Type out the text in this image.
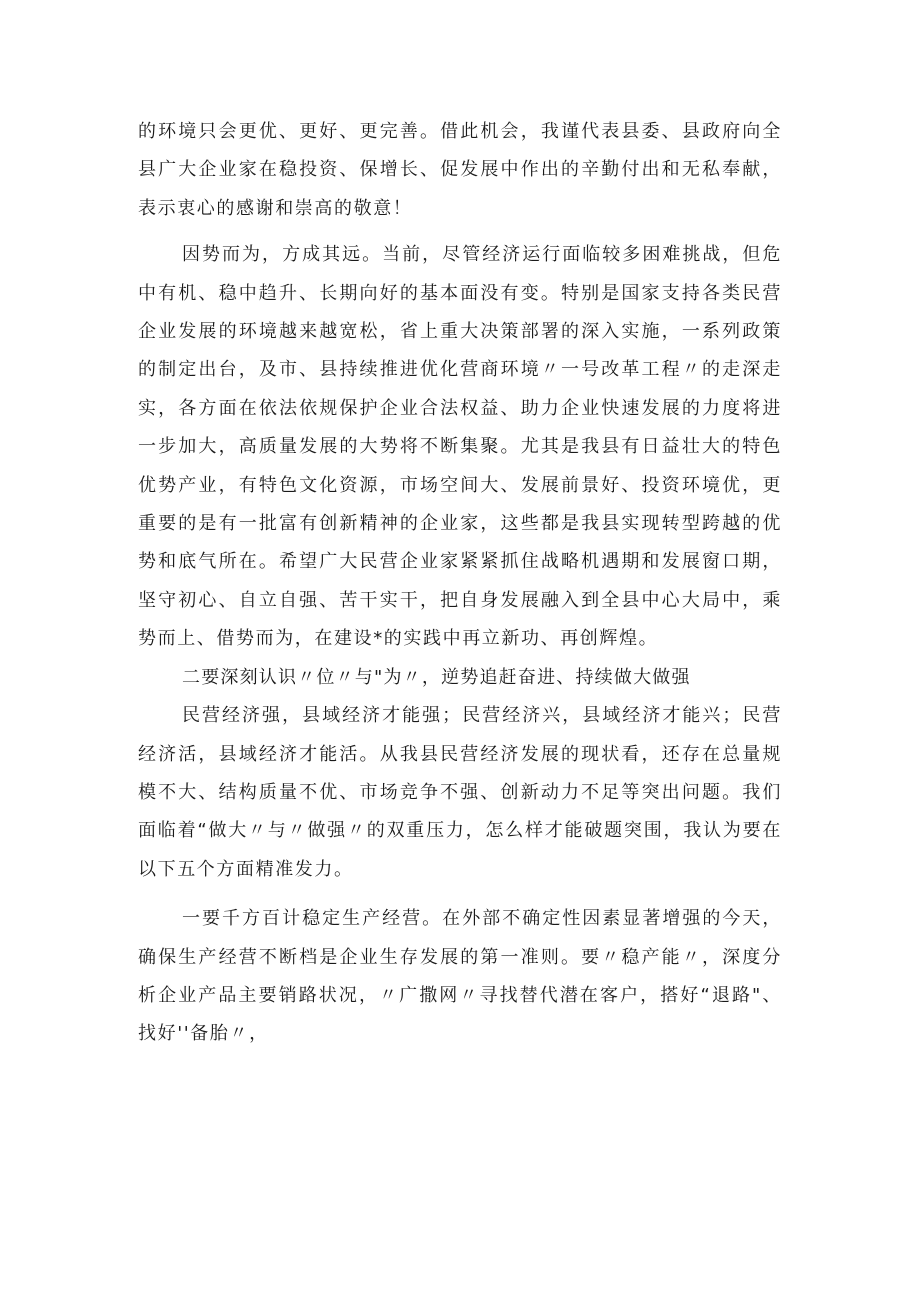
的环境只会更优、更好、更完善。借此机会，我谨代表县委、县政府向全县广大企业家在稳投资、保增长、促发展中作出的辛勤付出和无私奉献，表示衷心的感谢和崇高的敬意！

因势而为，方成其远。当前，尽管经济运行面临较多困难挑战，但危中有机、稳中趋升、长期向好的基本面没有变。特别是国家支持各类民营企业发展的环境越来越宽松，省上重大决策部署的深入实施，一系列政策的制定出台，及市、县持续推进优化营商环境〃一号改革工程〃的走深走实，各方面在依法依规保护企业合法权益、助力企业快速发展的力度将进一步加大，高质量发展的大势将不断集聚。尤其是我县有日益壮大的特色优势产业，有特色文化资源，市场空间大、发展前景好、投资环境优，更重要的是有一批富有创新精神的企业家，这些都是我县实现转型跨越的优势和底气所在。希望广大民营企业家紧紧抓住战略机遇期和发展窗口期，坚守初心、自立自强、苦干实干，把自身发展融入到全县中心大局中，乘势而上、借势而为，在建设*的实践中再立新功、再创辉煌。

二要深刻认识〃位〃与"为〃，逆势追赶奋进、持续做大做强

民营经济强，县域经济才能强；民营经济兴，县域经济才能兴；民营经济活，县域经济才能活。从我县民营经济发展的现状看，还存在总量规模不大、结构质量不优、市场竞争不强、创新动力不足等突出问题。我们面临着“做大〃与〃做强〃的双重压力，怎么样才能破题突围，我认为要在以下五个方面精准发力。

一要千方百计稳定生产经营。在外部不确定性因素显著增强的今天，确保生产经营不断档是企业生存发展的第一准则。要〃稳产能〃，深度分析企业产品主要销路状况，〃广撒网〃寻找替代潜在客户，搭好“退路"、找好''备胎〃，
